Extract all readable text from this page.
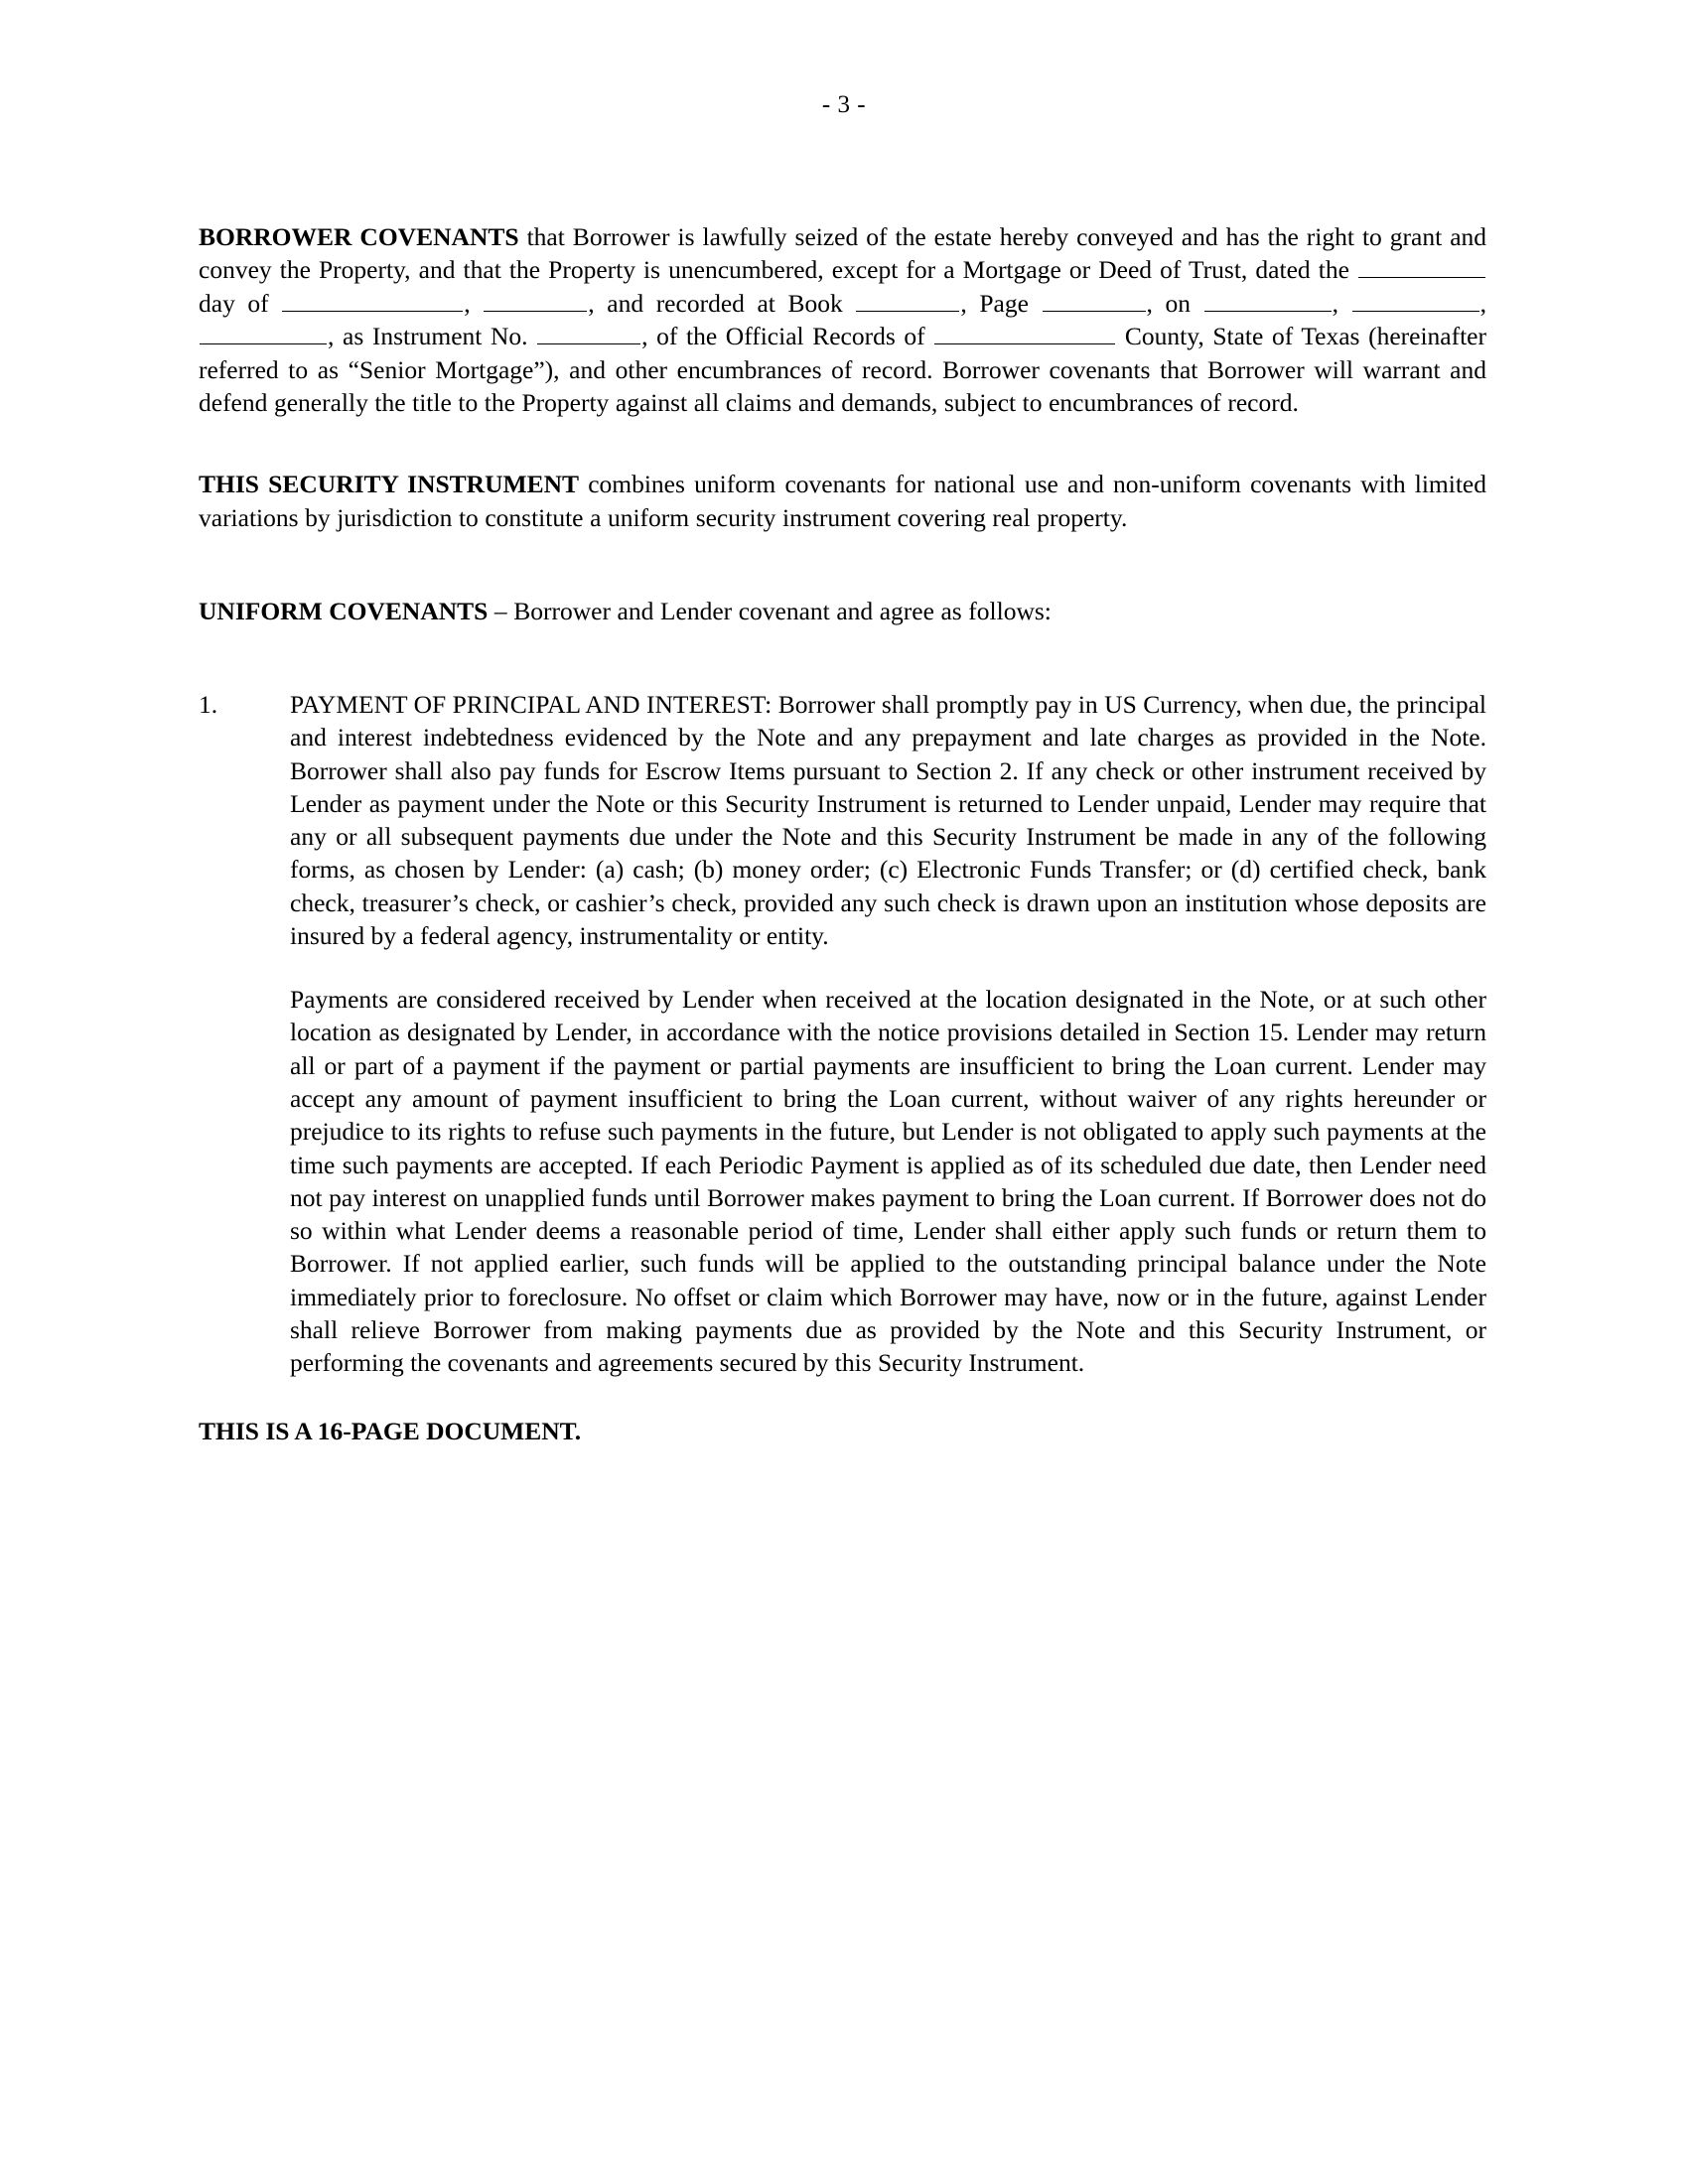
- 3 -

BORROWER COVENANTS that Borrower is lawfully seized of the estate hereby conveyed and has the right to grant and convey the Property, and that the Property is unencumbered, except for a Mortgage or Deed of Trust, dated the  day of	,	, and recorded at Book	, Page	, on	,	, , as Instrument No.	, of the Official Records of	County, State of Texas (hereinafter referred to as “Senior Mortgage”), and other encumbrances of record. Borrower covenants that Borrower will warrant and defend generally the title to the Property against all claims and demands, subject to encumbrances of record.

THIS SECURITY INSTRUMENT combines uniform covenants for national use and non-uniform covenants with limited variations by jurisdiction to constitute a uniform security instrument covering real property.

UNIFORM COVENANTS – Borrower and Lender covenant and agree as follows:

1.	PAYMENT OF PRINCIPAL AND INTEREST: Borrower shall promptly pay in US Currency, when due, the principal and interest indebtedness evidenced by the Note and any prepayment and late charges as provided in the Note. Borrower shall also pay funds for Escrow Items pursuant to Section 2. If any check or other instrument received by Lender as payment under the Note or this Security Instrument is returned to Lender unpaid, Lender may require that any or all subsequent payments due under the Note and this Security Instrument be made in any of the following forms, as chosen by Lender: (a) cash; (b) money order; (c) Electronic Funds Transfer; or (d) certified check, bank check, treasurer’s check, or cashier’s check, provided any such check is drawn upon an institution whose deposits are insured by a federal agency, instrumentality or entity.

Payments are considered received by Lender when received at the location designated in the Note, or at such other location as designated by Lender, in accordance with the notice provisions detailed in Section 15. Lender may return all or part of a payment if the payment or partial payments are insufficient to bring the Loan current. Lender may accept any amount of payment insufficient to bring the Loan current, without waiver of any rights hereunder or prejudice to its rights to refuse such payments in the future, but Lender is not obligated to apply such payments at the time such payments are accepted. If each Periodic Payment is applied as of its scheduled due date, then Lender need not pay interest on unapplied funds until Borrower makes payment to bring the Loan current. If Borrower does not do so within what Lender deems a reasonable period of time, Lender shall either apply such funds or return them to Borrower. If not applied earlier, such funds will be applied to the outstanding principal balance under the Note immediately prior to foreclosure. No offset or claim which Borrower may have, now or in the future, against Lender shall relieve Borrower from making payments due as provided by the Note and this Security Instrument, or performing the covenants and agreements secured by this Security Instrument.

THIS IS A 16-PAGE DOCUMENT.
